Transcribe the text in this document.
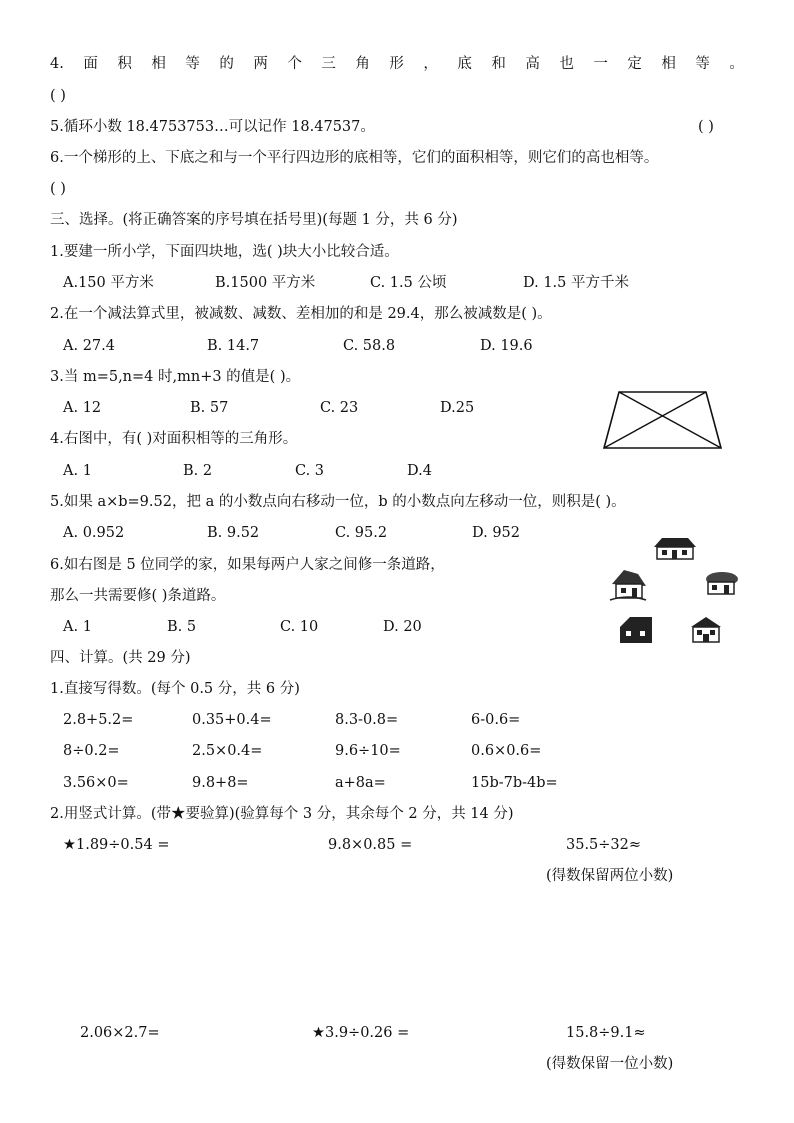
4. 面 积 相 等 的 两 个 三 角 形 ， 底 和 高 也 一 定 相 等 。
( )
5.循环小数 18.4753753…可以记作 18.47537。	( )
6.一个梯形的上、下底之和与一个平行四边形的底相等，它们的面积相等，则它们的高也相等。
( )
三、选择。(将正确答案的序号填在括号里)(每题 1 分，共 6 分)
1.要建一所小学，下面四块地，选( )块大小比较合适。
A.150 平方米	B.1500 平方米	C. 1.5 公顷	D. 1.5 平方千米
2.在一个减法算式里，被减数、减数、差相加的和是 29.4，那么被减数是( )。
A. 27.4	B. 14.7	C. 58.8	D. 19.6
3.当 m=5,n=4 时,mn+3 的值是( )。
A. 12	B. 57	C. 23	D.25
4.右图中，有( )对面积相等的三角形。
A. 1	B. 2	C. 3	D.4
5.如果 a×b=9.52，把 a 的小数点向右移动一位，b 的小数点向左移动一位，则积是( )。
A. 0.952	B. 9.52	C. 95.2	D. 952
6.如右图是 5 位同学的家，如果每两户人家之间修一条道路，
那么一共需要修( )条道路。
A. 1	B. 5	C. 10	D. 20
四、计算。(共 29 分)
1.直接写得数。(每个 0.5 分，共 6 分)
2.8+5.2=	0.35+0.4=	8.3-0.8=	6-0.6=
8÷0.2=	2.5×0.4=	9.6÷10=	0.6×0.6=
3.56×0=	9.8+8=	a+8a=	15b-7b-4b=
2.用竖式计算。(带★要验算)(验算每个 3 分，其余每个 2 分，共 14 分)
★1.89÷0.54 =	9.8×0.85 =	35.5÷32≈
(得数保留两位小数)
2.06×2.7=	★3.9÷0.26 =	15.8÷9.1≈
(得数保留一位小数)
